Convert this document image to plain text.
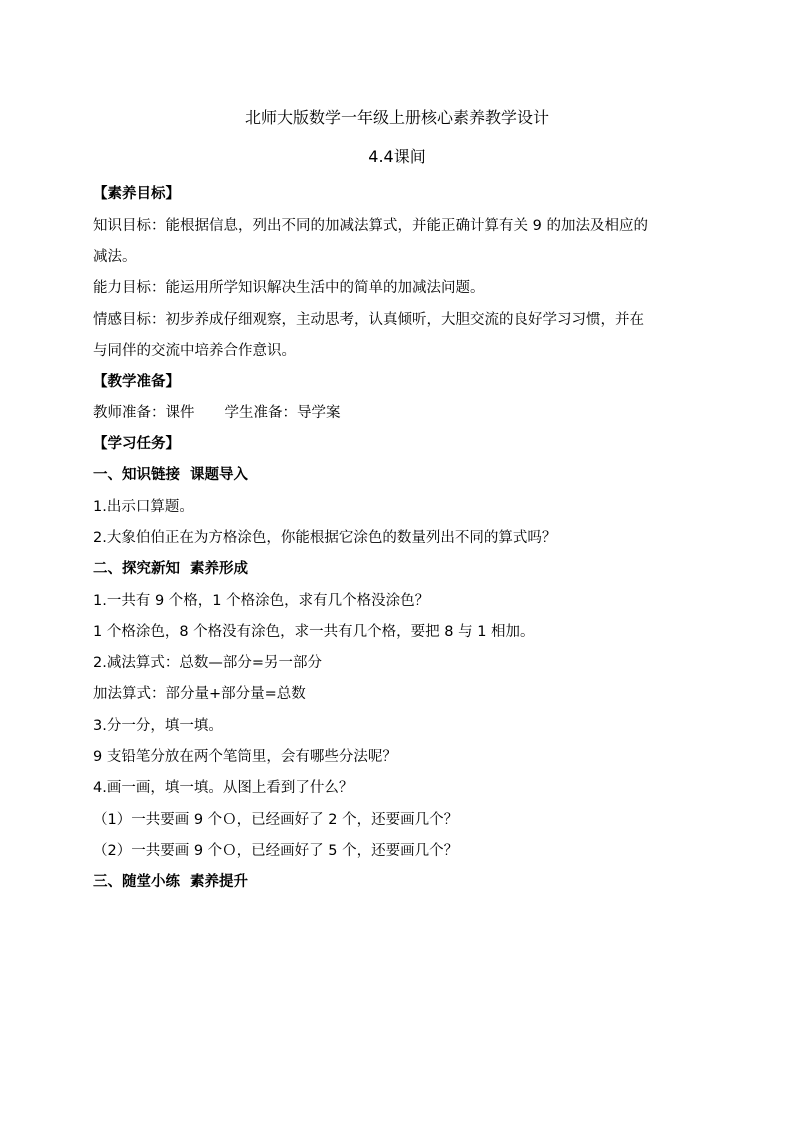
北师大版数学一年级上册核心素养教学设计
4.4课间
【素养目标】
知识目标：能根据信息，列出不同的加减法算式，并能正确计算有关 9 的加法及相应的
减法。
能力目标：能运用所学知识解决生活中的简单的加减法问题。
情感目标：初步养成仔细观察，主动思考，认真倾听，大胆交流的良好学习习惯，并在
与同伴的交流中培养合作意识。
【教学准备】
教师准备：课件 学生准备：导学案
【学习任务】
一、知识链接 课题导入
1.出示口算题。
2.大象伯伯正在为方格涂色，你能根据它涂色的数量列出不同的算式吗？
二、探究新知 素养形成
1.一共有 9 个格，1 个格涂色，求有几个格没涂色？
1 个格涂色，8 个格没有涂色，求一共有几个格，要把 8 与 1 相加。
2.减法算式：总数—部分=另一部分
加法算式：部分量+部分量=总数
3.分一分，填一填。
9 支铅笔分放在两个笔筒里，会有哪些分法呢？
4.画一画，填一填。从图上看到了什么？
（1）一共要画 9 个Ｏ，已经画好了 2 个，还要画几个？
（2）一共要画 9 个Ｏ，已经画好了 5 个，还要画几个？
三、随堂小练 素养提升
